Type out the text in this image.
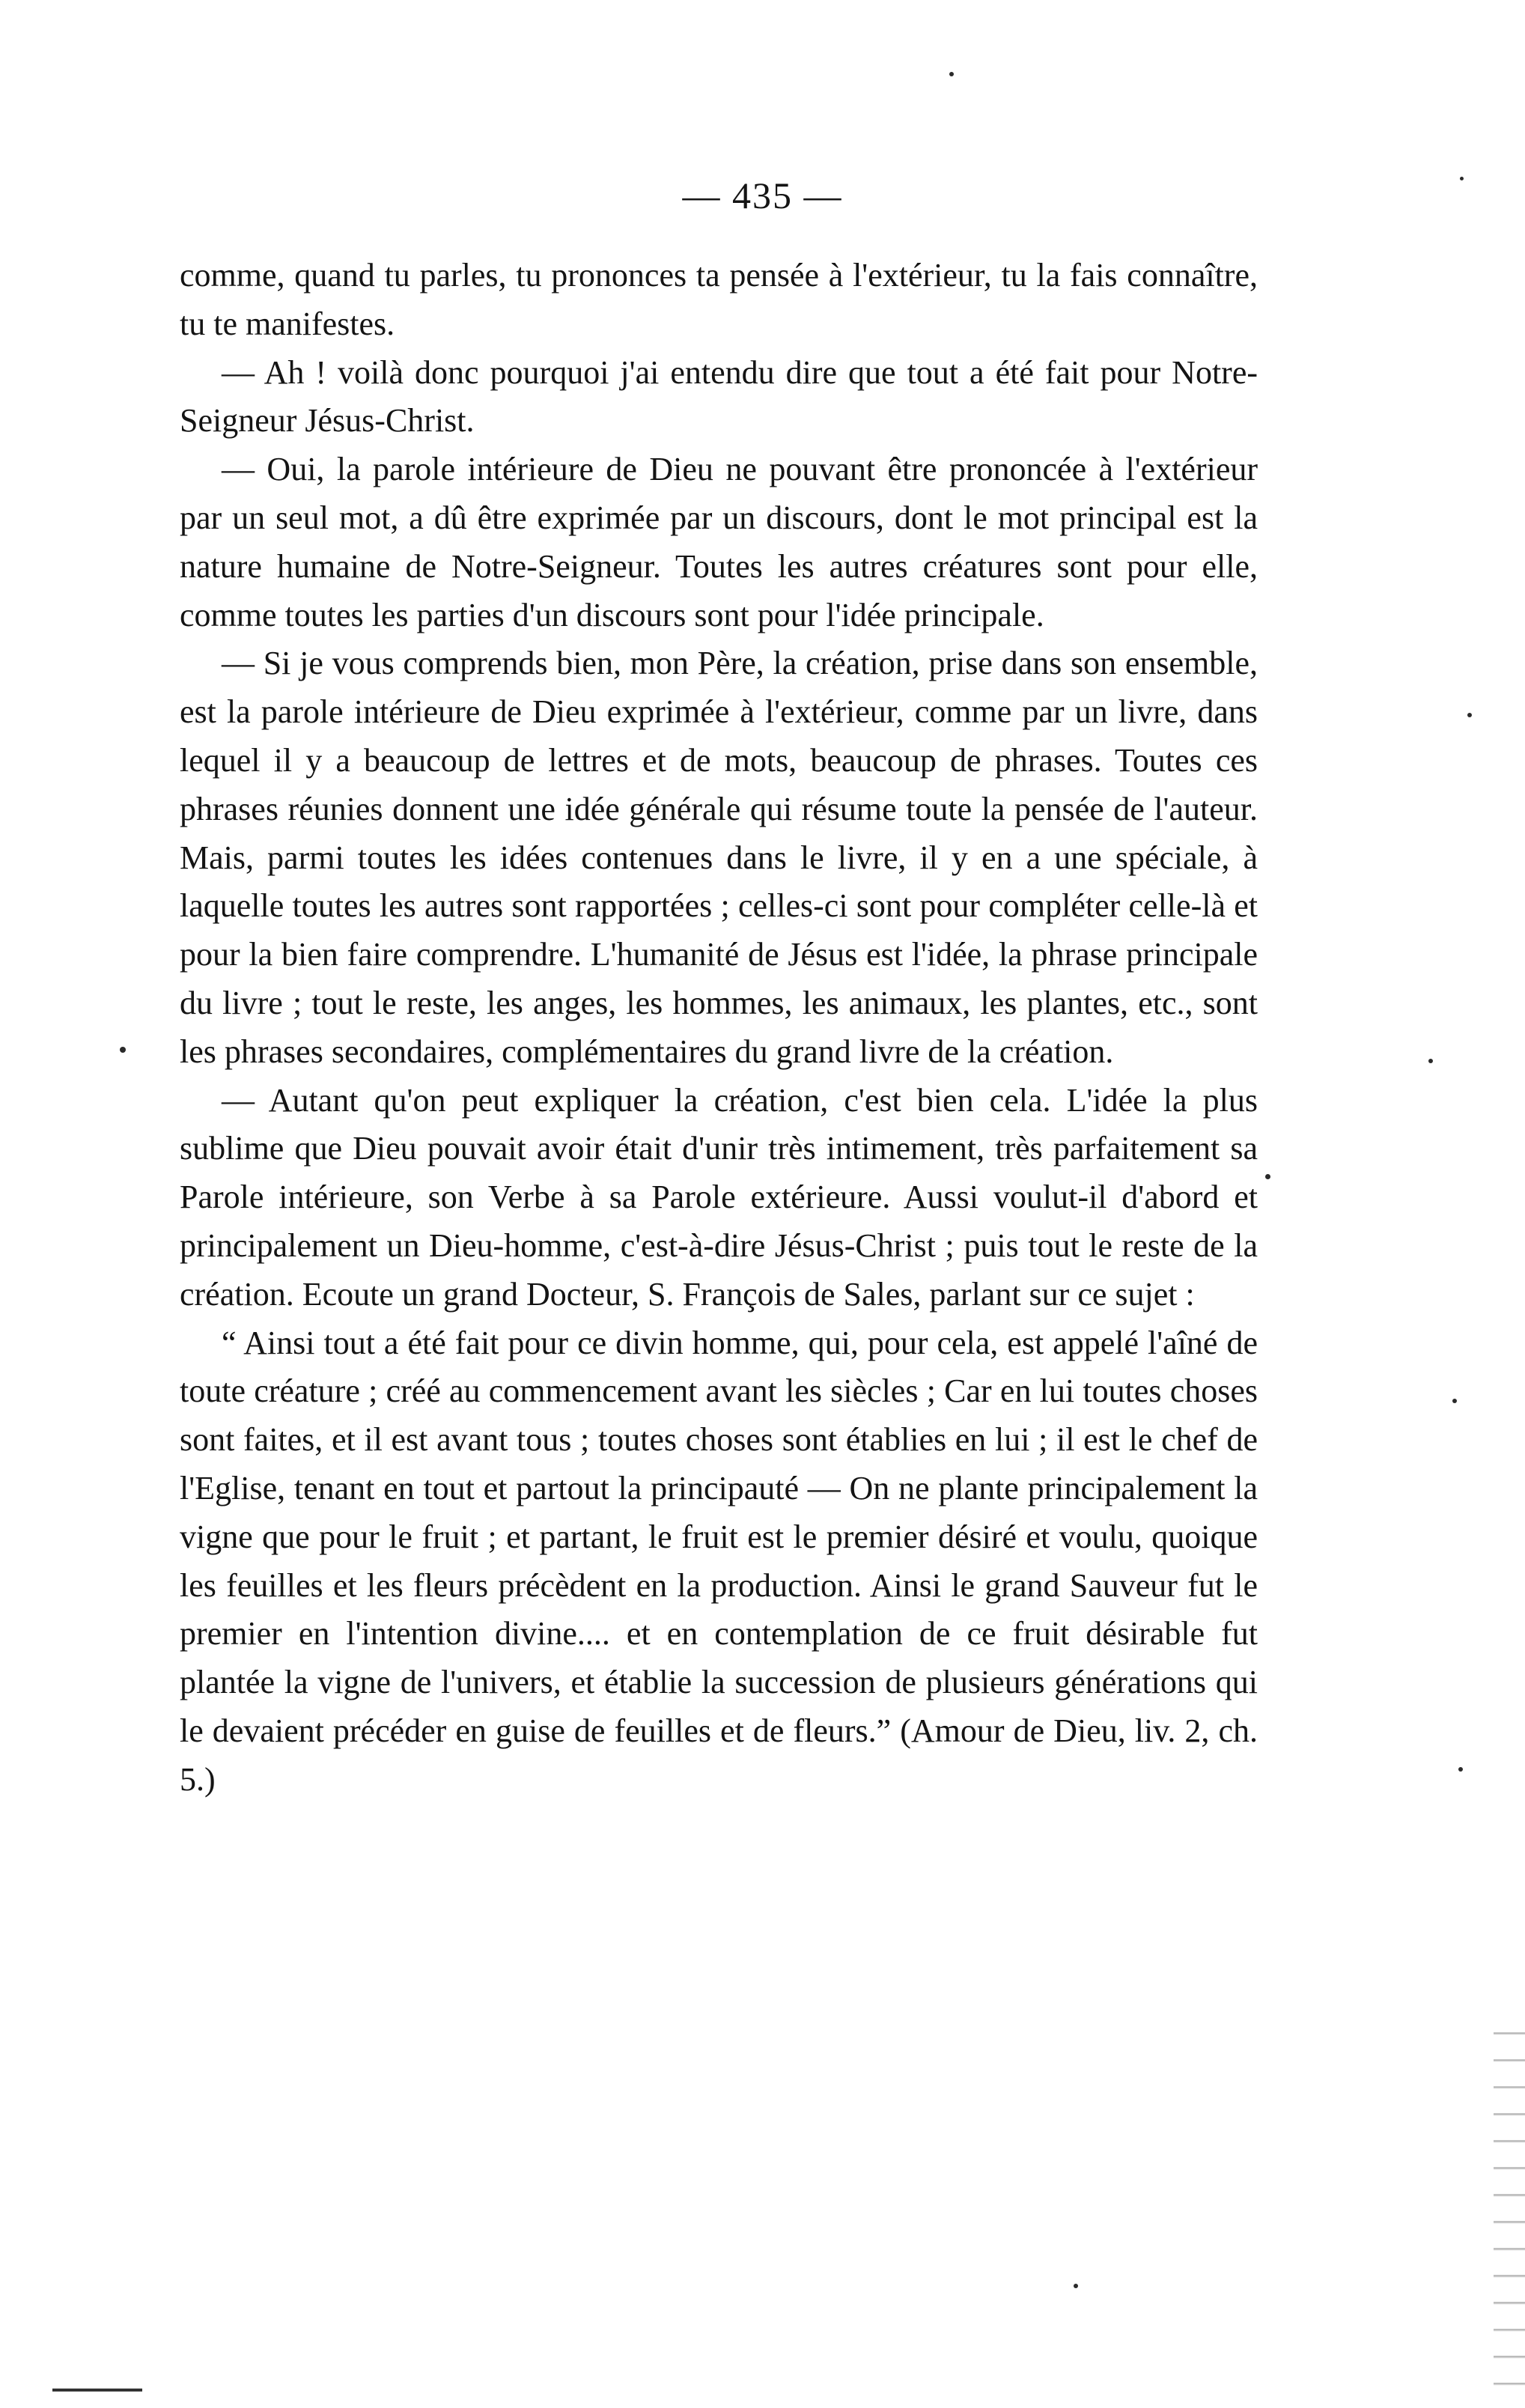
— 435 —

comme, quand tu parles, tu prononces ta pensée à l'extérieur, tu la fais connaître, tu te manifestes.

— Ah ! voilà donc pourquoi j'ai entendu dire que tout a été fait pour Notre-Seigneur Jésus-Christ.

— Oui, la parole intérieure de Dieu ne pouvant être prononcée à l'extérieur par un seul mot, a dû être exprimée par un discours, dont le mot principal est la nature humaine de Notre-Seigneur. Toutes les autres créatures sont pour elle, comme toutes les parties d'un discours sont pour l'idée principale.

— Si je vous comprends bien, mon Père, la création, prise dans son ensemble, est la parole intérieure de Dieu exprimée à l'extérieur, comme par un livre, dans lequel il y a beaucoup de lettres et de mots, beaucoup de phrases. Toutes ces phrases réunies donnent une idée générale qui résume toute la pensée de l'auteur. Mais, parmi toutes les idées contenues dans le livre, il y en a une spéciale, à laquelle toutes les autres sont rapportées ; celles-ci sont pour compléter celle-là et pour la bien faire comprendre. L'humanité de Jésus est l'idée, la phrase principale du livre ; tout le reste, les anges, les hommes, les animaux, les plantes, etc., sont les phrases secondaires, complémentaires du grand livre de la création.

— Autant qu'on peut expliquer la création, c'est bien cela. L'idée la plus sublime que Dieu pouvait avoir était d'unir très intimement, très parfaitement sa Parole intérieure, son Verbe à sa Parole extérieure. Aussi voulut-il d'abord et principalement un Dieu-homme, c'est-à-dire Jésus-Christ ; puis tout le reste de la création. Ecoute un grand Docteur, S. François de Sales, parlant sur ce sujet :

“ Ainsi tout a été fait pour ce divin homme, qui, pour cela, est appelé l'aîné de toute créature ; créé au commencement avant les siècles ; Car en lui toutes choses sont faites, et il est avant tous ; toutes choses sont établies en lui ; il est le chef de l'Eglise, tenant en tout et partout la principauté — On ne plante principalement la vigne que pour le fruit ; et partant, le fruit est le premier désiré et voulu, quoique les feuilles et les fleurs précèdent en la production. Ainsi le grand Sauveur fut le premier en l'intention divine.... et en contemplation de ce fruit désirable fut plantée la vigne de l'univers, et établie la succession de plusieurs générations qui le devaient précéder en guise de feuilles et de fleurs.” (Amour de Dieu, liv. 2, ch. 5.)
